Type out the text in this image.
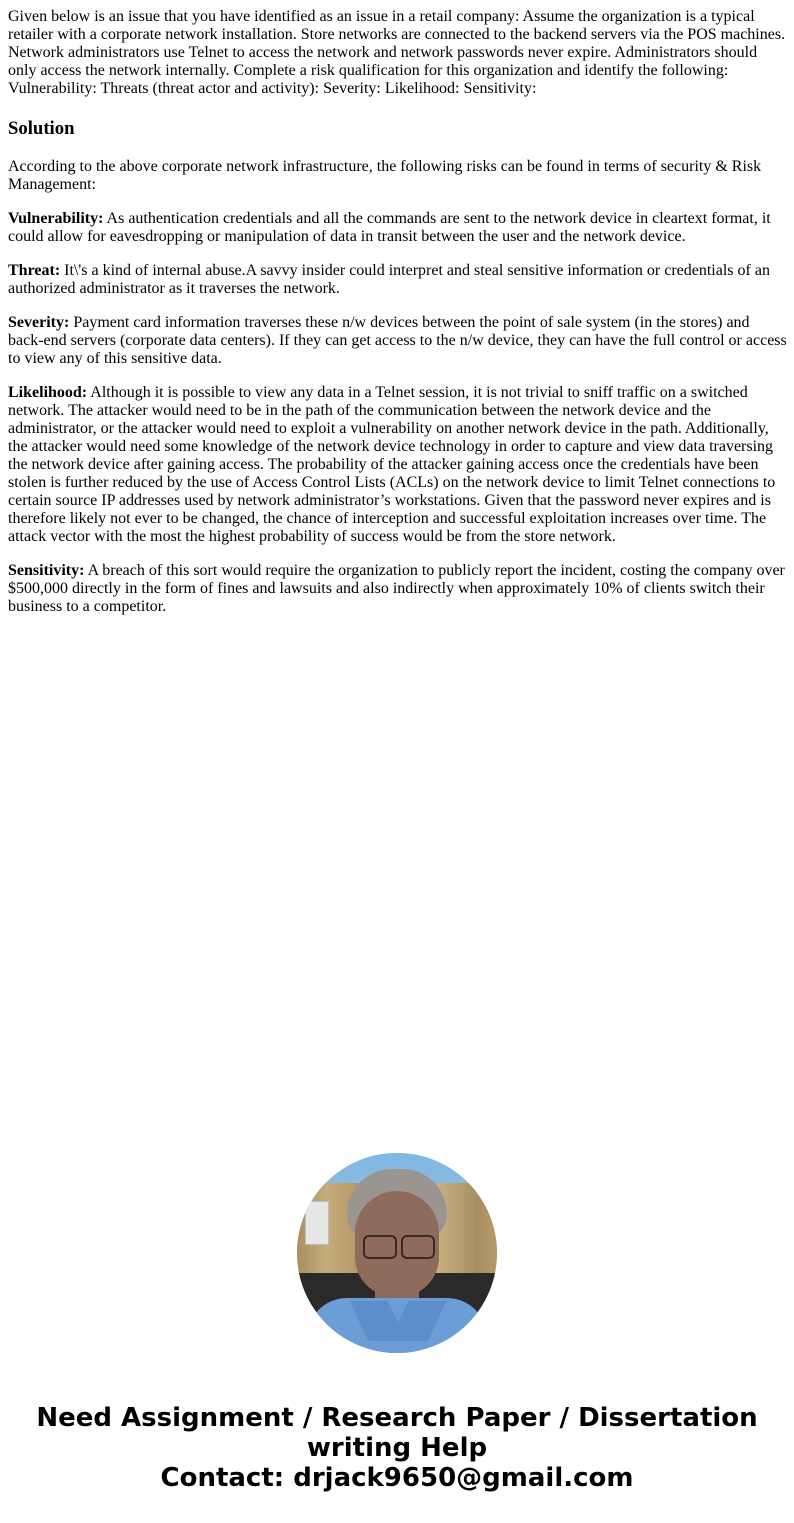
Given below is an issue that you have identified as an issue in a retail company: Assume the organization is a typical retailer with a corporate network installation. Store networks are connected to the backend servers via the POS machines. Network administrators use Telnet to access the network and network passwords never expire. Administrators should only access the network internally. Complete a risk qualification for this organization and identify the following: Vulnerability: Threats (threat actor and activity): Severity: Likelihood: Sensitivity:
Solution

According to the above corporate network infrastructure, the following risks can be found in terms of security & Risk Management:

Vulnerability: As authentication credentials and all the commands are sent to the network device in cleartext format, it could allow for eavesdropping or manipulation of data in transit between the user and the network device.

Threat: It\'s a kind of internal abuse.A savvy insider could interpret and steal sensitive information or credentials of an authorized administrator as it traverses the network.

Severity: Payment card information traverses these n/w devices between the point of sale system (in the stores) and back-end servers (corporate data centers). If they can get access to the n/w device, they can have the full control or access to view any of this sensitive data.

Likelihood: Although it is possible to view any data in a Telnet session, it is not trivial to sniff traffic on a switched network. The attacker would need to be in the path of the communication between the network device and the administrator, or the attacker would need to exploit a vulnerability on another network device in the path. Additionally, the attacker would need some knowledge of the network device technology in order to capture and view data traversing the network device after gaining access. The probability of the attacker gaining access once the credentials have been stolen is further reduced by the use of Access Control Lists (ACLs) on the network device to limit Telnet connections to certain source IP addresses used by network administrator’s workstations. Given that the password never expires and is therefore likely not ever to be changed, the chance of interception and successful exploitation increases over time. The attack vector with the most the highest probability of success would be from the store network.

Sensitivity: A breach of this sort would require the organization to publicly report the incident, costing the company over $500,000 directly in the form of fines and lawsuits and also indirectly when approximately 10% of clients switch their business to a competitor.

Need Assignment / Research Paper / Dissertation
writing Help
Contact: drjack9650@gmail.com
